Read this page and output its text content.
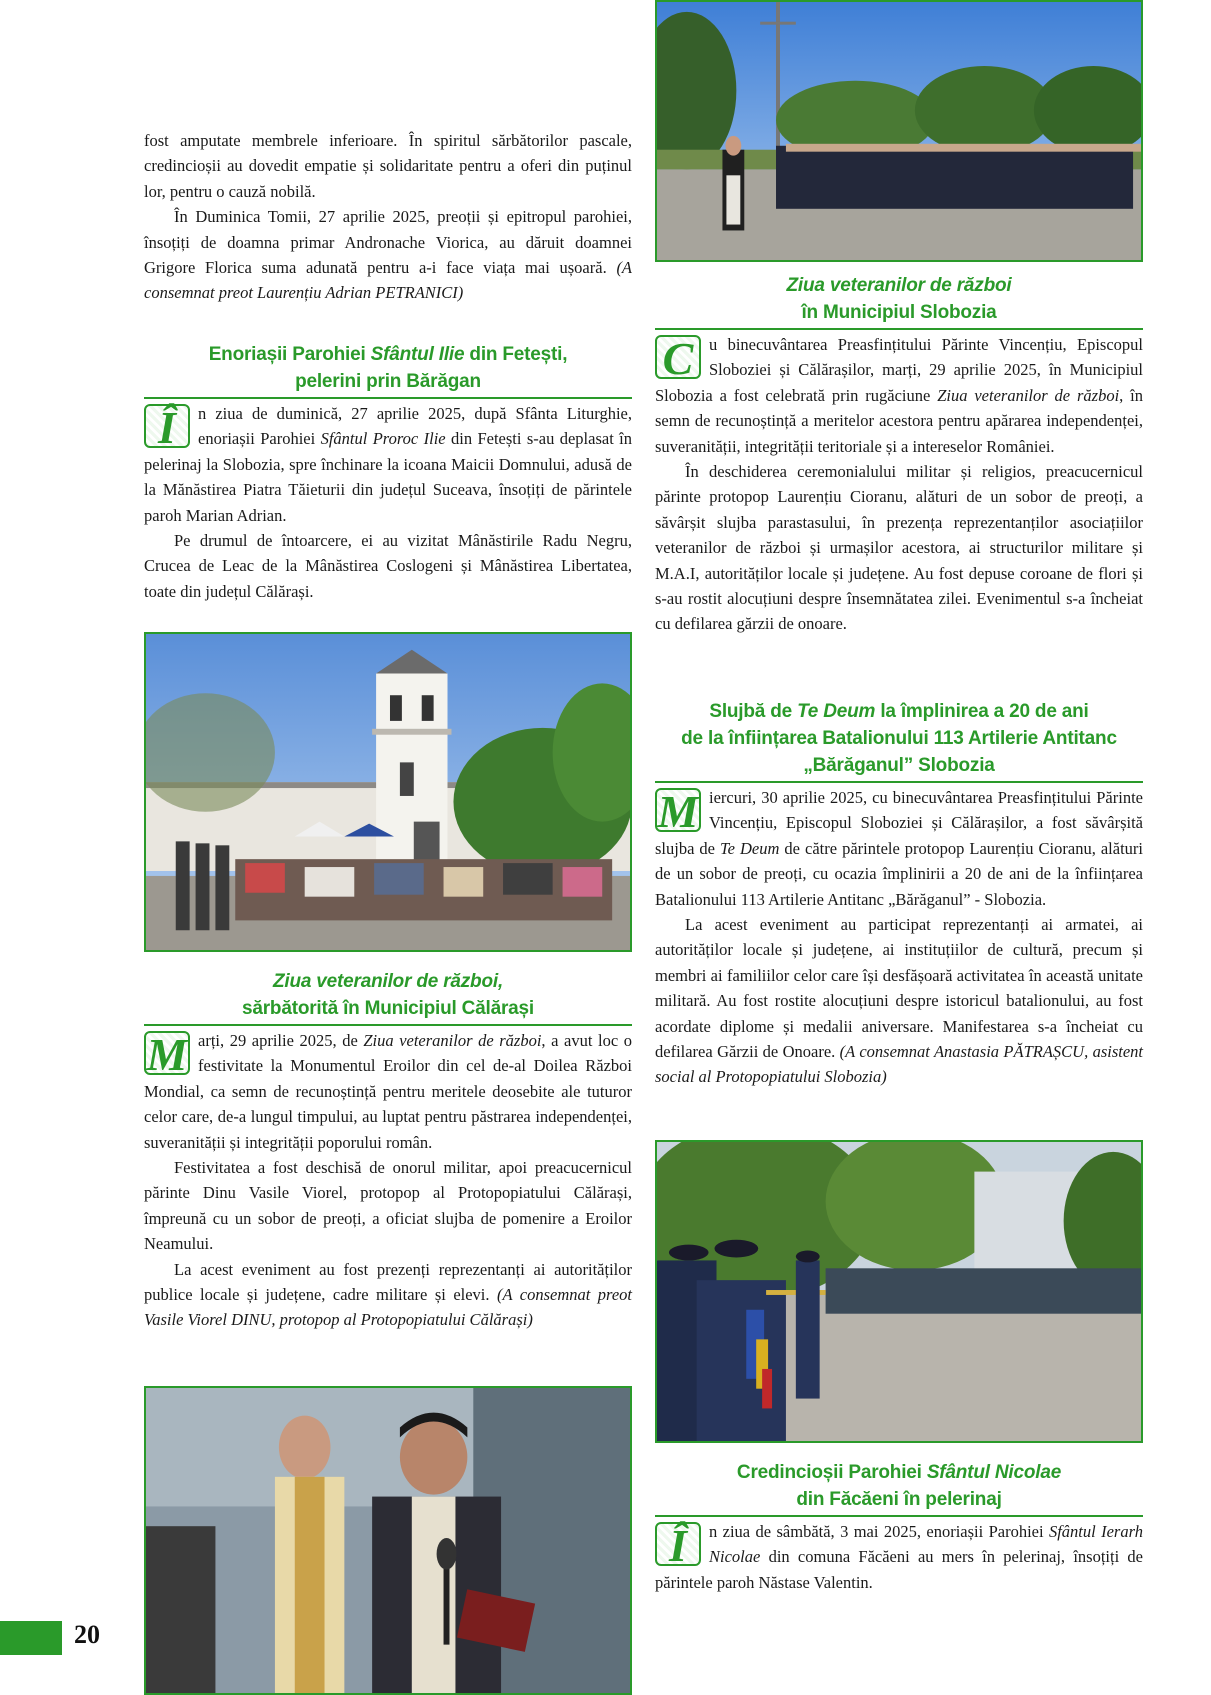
fost amputate membrele inferioare. În spiritul sărbătorilor pascale, credincioșii au dovedit empatie și solidaritate pentru a oferi din puținul lor, pentru o cauză nobilă.

În Duminica Tomii, 27 aprilie 2025, preoții și epitropul parohiei, însoțiți de doamna primar Andronache Viorica, au dăruit doamnei Grigore Florica suma adunată pentru a-i face viața mai ușoară. (A consemnat preot Laurențiu Adrian PETRANICI)

Enoriașii Parohiei Sfântul Ilie din Fetești,
pelerini prin Bărăgan
Î	n ziua de duminică, 27 aprilie 2025, după Sfânta Liturghie, enoriașii Parohiei Sfântul Proroc Ilie din Fetești s-au deplasat în pelerinaj la Slobozia, spre închinare la icoana Maicii Domnului, adusă de la Mănăstirea Piatra Tăieturii din județul Suceava, însoțiți de părintele paroh Marian Adrian.

Pe drumul de întoarcere, ei au vizitat Mânăstirile Radu Negru, Crucea de Leac de la Mânăstirea Coslogeni și Mânăstirea Libertatea, toate din județul Călărași.

Ziua veteranilor de război,
sărbătorită în Municipiul Călărași
M arți, 29 aprilie 2025, de Ziua veteranilor de război, a avut loc o festivitate la Monumentul Eroilor din cel de-al Doilea Război Mondial, ca semn de recunoștință pentru meritele deosebite ale tuturor celor care, de-a lungul timpului, au luptat pentru păstrarea independenței, suveranității și integrității poporului român.

Festivitatea a fost deschisă de onorul militar, apoi preacucernicul părinte Dinu Vasile Viorel, protopop al Protopopiatului Călărași, împreună cu un sobor de preoți, a oficiat slujba de pomenire a Eroilor Neamului.

La acest eveniment au fost prezenți reprezentanți ai autorităților publice locale și județene, cadre militare și elevi. (A consemnat preot Vasile Viorel DINU, protopop al Protopopiatului Călărași)

Ziua veteranilor de război
în Municipiul Slobozia
C u binecuvântarea Preasfințitului Părinte Vincențiu, Episcopul Sloboziei și Călărașilor, marți, 29 aprilie 2025, în Municipiul Slobozia a fost celebrată prin rugăciune Ziua veteranilor de război, în semn de recunoștință a meritelor acestora pentru apărarea independenței, suveranității, integrității teritoriale și a intereselor României.

În deschiderea ceremonialului militar și religios, preacucernicul părinte protopop Laurențiu Cioranu, alături de un sobor de preoți, a săvârșit slujba parastasului, în prezența reprezentanților asociațiilor veteranilor de război și urmașilor acestora, ai structurilor militare și M.A.I, autorităților locale și județene. Au fost depuse coroane de flori și s-au rostit alocuțiuni despre însemnătatea zilei. Evenimentul s-a încheiat cu defilarea gărzii de onoare.

Slujbă de Te Deum la împlinirea a 20 de ani
de la înființarea Batalionului 113 Artilerie Antitanc
„Bărăganul” Slobozia
M iercuri, 30 aprilie 2025, cu binecuvântarea Preasfințitului Părinte Vincențiu, Episcopul Sloboziei și Călărașilor, a fost săvârșită slujba de Te Deum de către părintele protopop Laurențiu Cioranu, alături de un sobor de preoți, cu ocazia împlinirii a 20 de ani de la înființarea Batalionului 113 Artilerie Antitanc „Bărăganul” - Slobozia.

La acest eveniment au participat reprezentanți ai armatei, ai autorităților locale și județene, ai instituțiilor de cultură, precum și membri ai familiilor celor care își desfășoară activitatea în această unitate militară. Au fost rostite alocuțiuni despre istoricul batalionului, au fost acordate diplome și medalii aniversare. Manifestarea s-a încheiat cu defilarea Gărzii de Onoare. (A consemnat Anastasia PĂTRAȘCU, asistent social al Protopopiatului Slobozia)

Credincioșii Parohiei Sfântul Nicolae
din Făcăeni în pelerinaj
Î	n ziua de sâmbătă, 3 mai 2025, enoriașii Parohiei Sfântul Ierarh Nicolae din comuna Făcăeni au mers în pelerinaj, însoțiți de părintele paroh Năstase Valentin.

20
